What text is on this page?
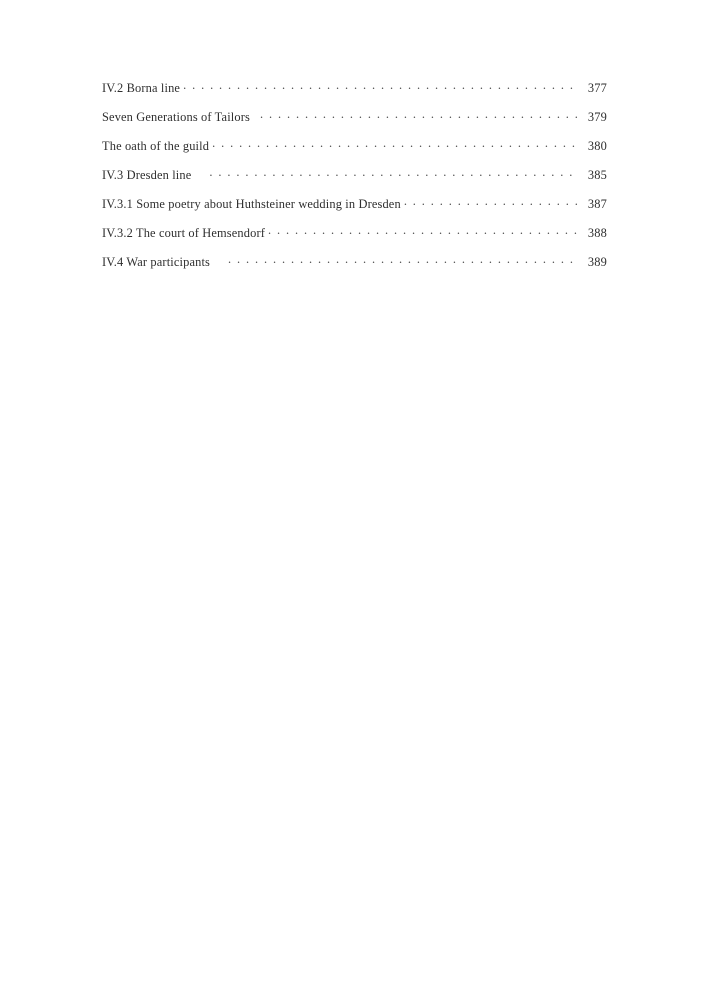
IV.2 Borna line . . .	377
Seven Generations of Tailors . . .	379
The oath of the guild . . .	380
IV.3 Dresden line . . .	385
IV.3.1 Some poetry about Huthsteiner wedding in Dresden . . .	387
IV.3.2 The court of Hemsendorf . . .	388
IV.4 War participants . . .	389
